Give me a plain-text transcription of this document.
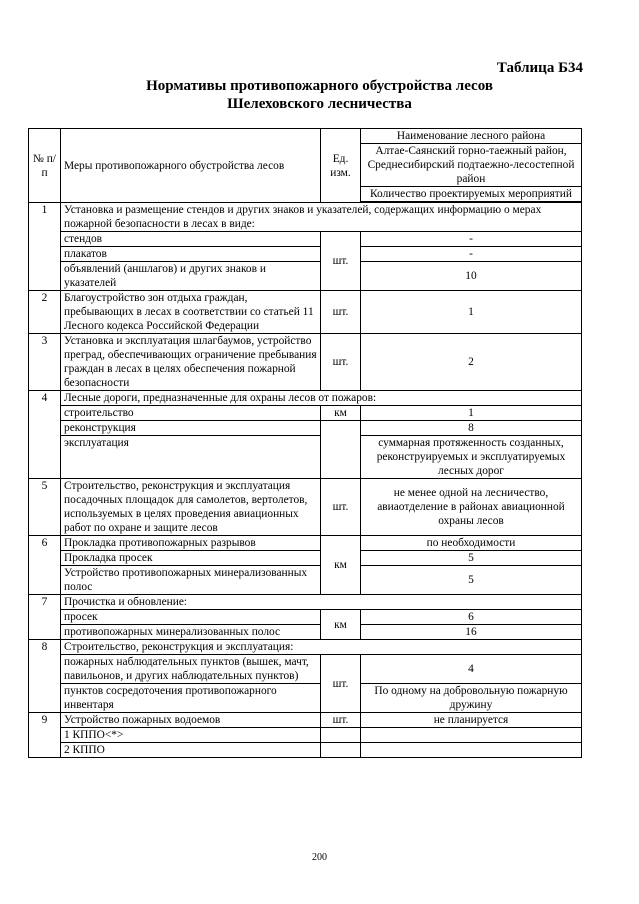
Таблица Б34
Нормативы противопожарного обустройства лесов
Шелеховского лесничества
№ п/п	Меры противопожарного обустройства лесов	Ед. изм.	Наименование лесного района
			Алтае-Саянский горно-таежный район, Среднесибирский подтаежно-лесостепной район
			Количество проектируемых мероприятий

1	Установка и размещение стендов и других знаков и указателей, содержащих информацию о мерах пожарной безопасности в лесах в виде:		
	стендов	шт.	-
	плакатов		-
	объявлений (аншлагов) и других знаков и указателей		10
2	Благоустройство зон отдыха граждан, пребывающих в лесах в соответствии со статьей 11 Лесного кодекса Российской Федерации	шт.	1
3	Установка и эксплуатация шлагбаумов, устройство преград, обеспечивающих ограничение пребывания граждан в лесах в целях обеспечения пожарной безопасности	шт.	2
4	Лесные дороги, предназначенные для охраны лесов от пожаров:		
	строительство	км	1
	реконструкция		8
	эксплуатация		суммарная протяженность созданных, реконструируемых и эксплуатируемых лесных дорог
5	Строительство, реконструкция и эксплуатация посадочных площадок для самолетов, вертолетов, используемых в целях проведения авиационных работ по охране и защите лесов	шт.	не менее одной на лесничество, авиаотделение в районах авиационной охраны лесов
6	Прокладка противопожарных разрывов	км	по необходимости
	Прокладка просек		5
	Устройство противопожарных минерализованных полос		5
7	Прочистка и обновление:		
	просек	км	6
	противопожарных минерализованных полос		16
8	Строительство, реконструкция и эксплуатация:		
	пожарных наблюдательных пунктов (вышек, мачт, павильонов, и других наблюдательных пунктов)	шт.	4
	пунктов сосредоточения противопожарного инвентаря		По одному на добровольную пожарную дружину
9	Устройство пожарных водоемов	шт.	не планируется
	1 КППО<*>		
	2 КППО		
200
